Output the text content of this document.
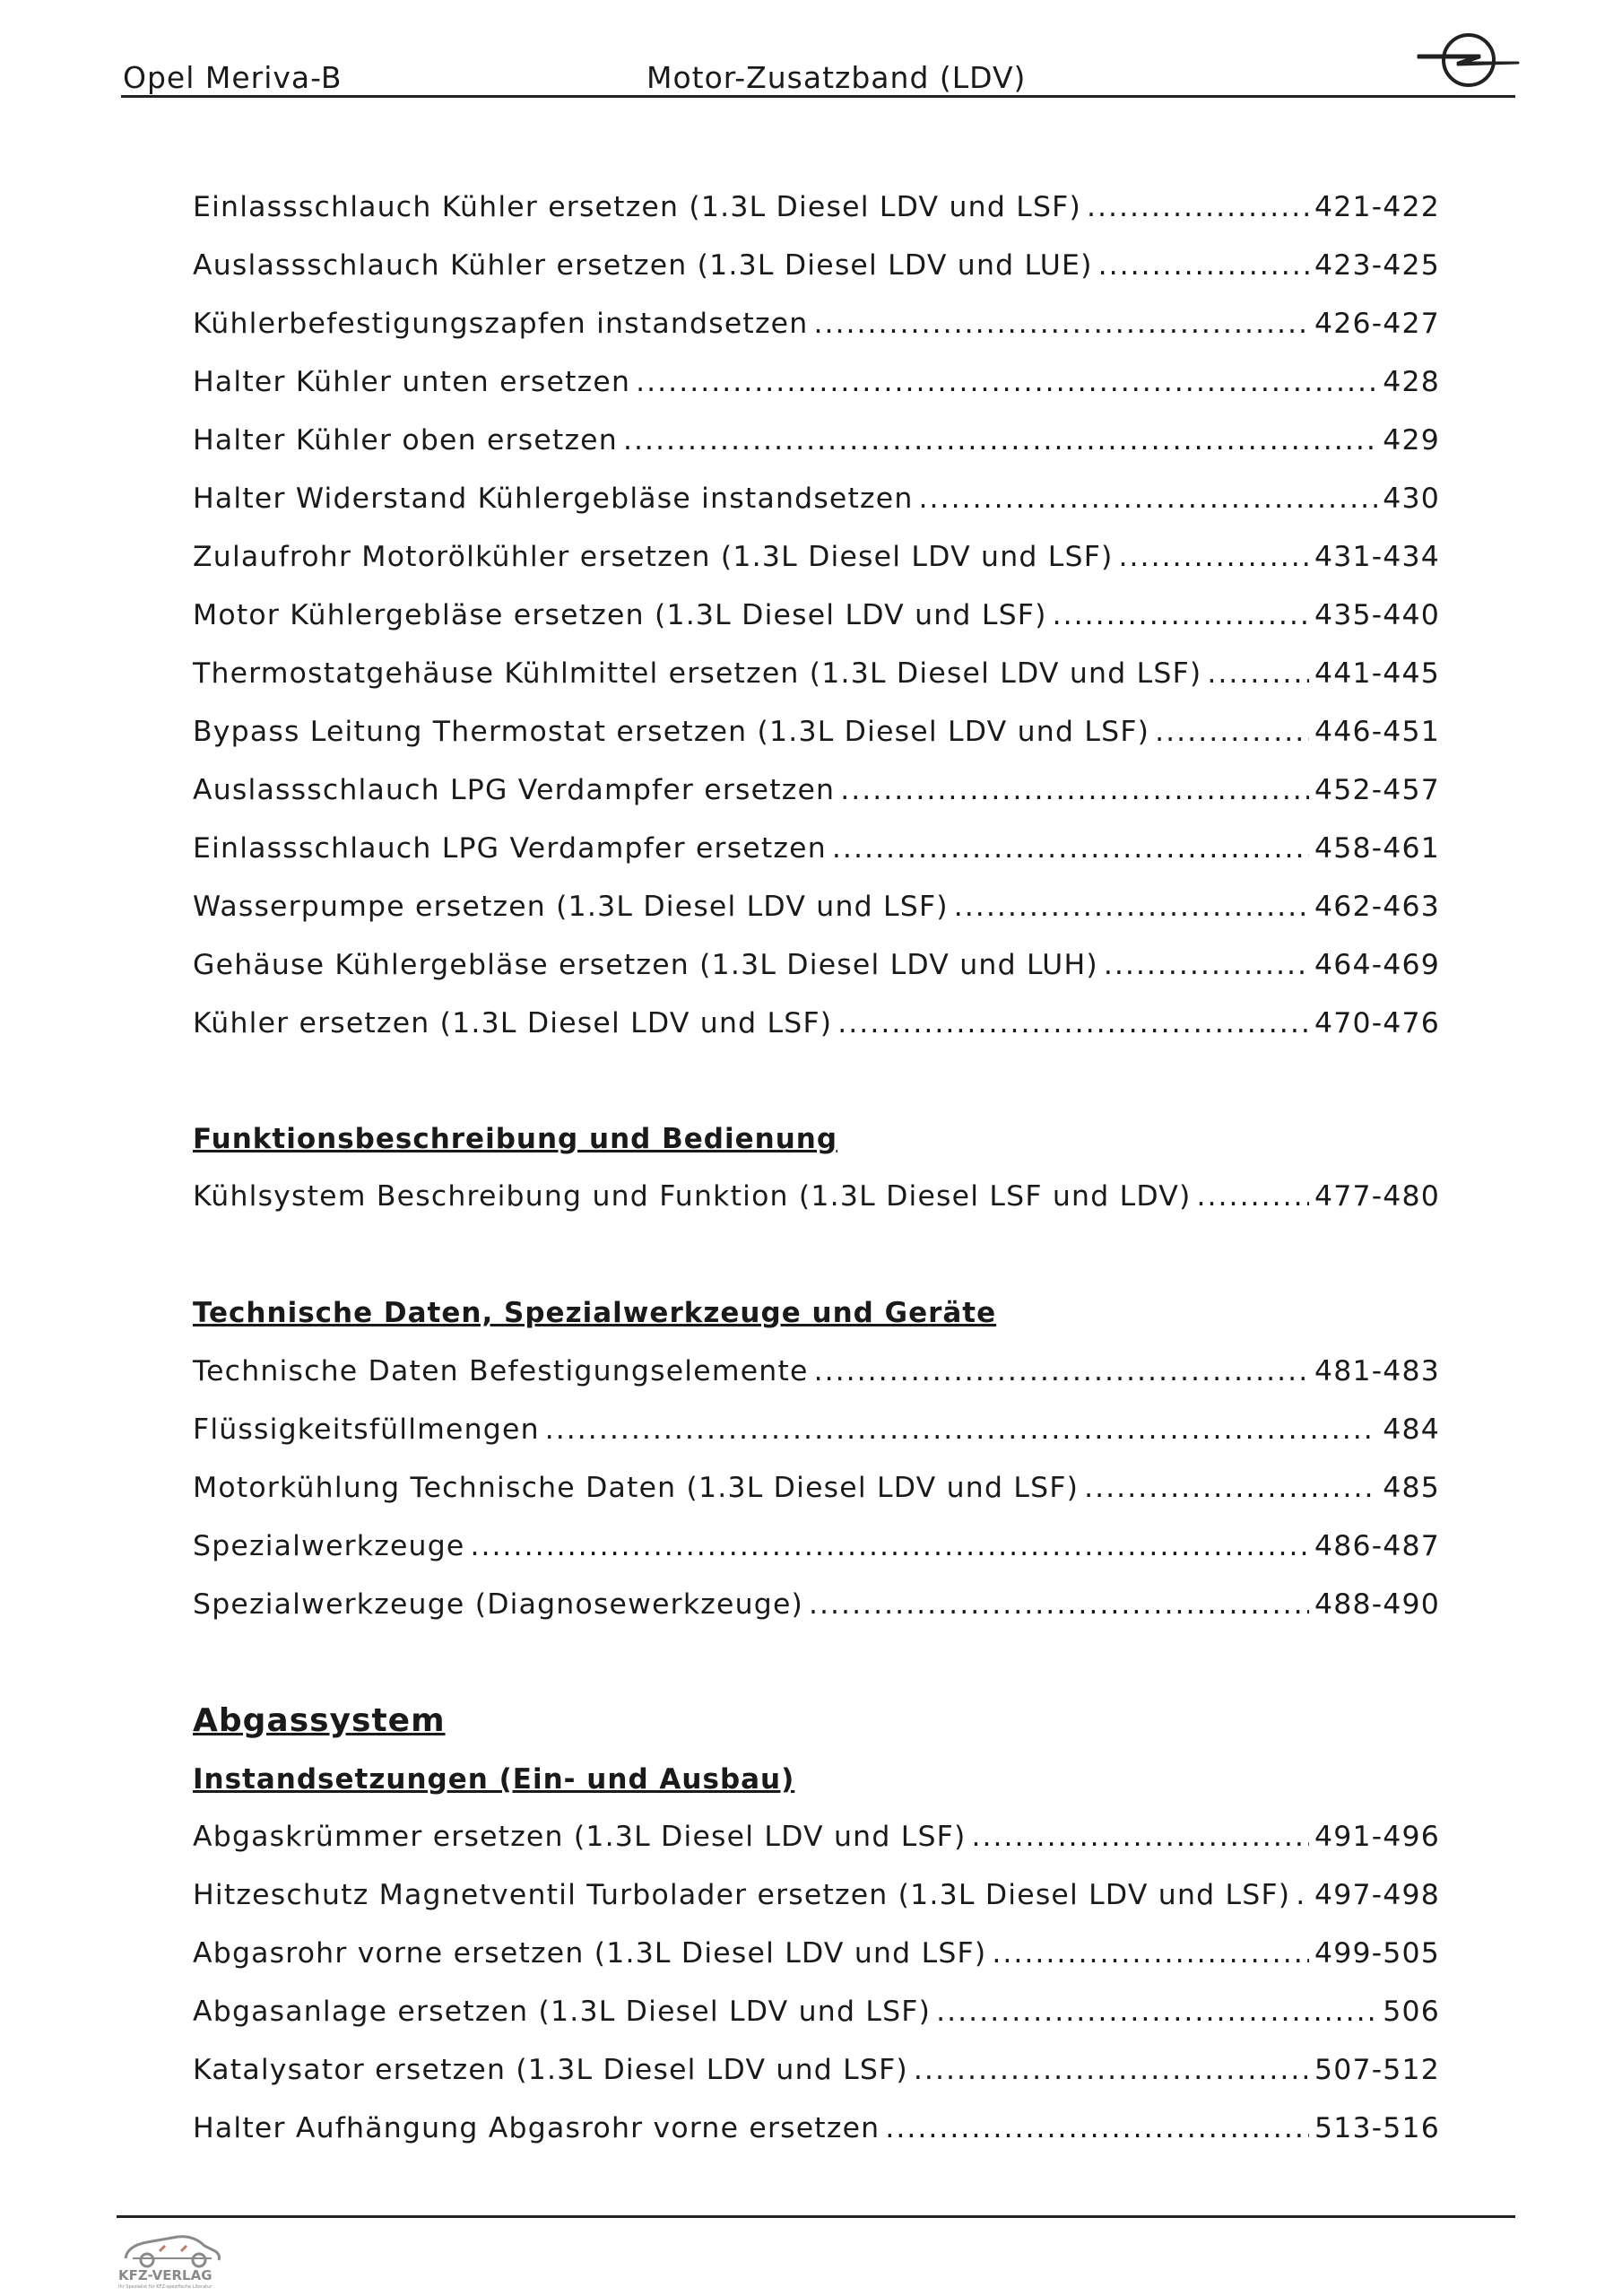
Opel Meriva-B	Motor-Zusatzband (LDV)
Einlassschlauch Kühler ersetzen (1.3L Diesel LDV und LSF) .....	421-422
Auslassschlauch Kühler ersetzen (1.3L Diesel LDV und LUE) .....	423-425
Kühlerbefestigungszapfen instandsetzen .....	426-427
Halter Kühler unten ersetzen .....	428
Halter Kühler oben ersetzen .....	429
Halter Widerstand Kühlergebläse instandsetzen .....	430
Zulaufrohr Motorölkühler ersetzen (1.3L Diesel LDV und LSF) .....	431-434
Motor Kühlergebläse ersetzen (1.3L Diesel LDV und LSF) .....	435-440
Thermostatgehäuse Kühlmittel ersetzen (1.3L Diesel LDV und LSF) .....	441-445
Bypass Leitung Thermostat ersetzen (1.3L Diesel LDV und LSF) .....	446-451
Auslassschlauch LPG Verdampfer ersetzen .....	452-457
Einlassschlauch LPG Verdampfer ersetzen .....	458-461
Wasserpumpe ersetzen (1.3L Diesel LDV und LSF) .....	462-463
Gehäuse Kühlergebläse ersetzen (1.3L Diesel LDV und LUH) .....	464-469
Kühler ersetzen (1.3L Diesel LDV und LSF) .....	470-476
Funktionsbeschreibung und Bedienung
Kühlsystem Beschreibung und Funktion (1.3L Diesel LSF und LDV) .....	477-480
Technische Daten, Spezialwerkzeuge und Geräte
Technische Daten Befestigungselemente .....	481-483
Flüssigkeitsfüllmengen .....	484
Motorkühlung Technische Daten (1.3L Diesel LDV und LSF) .....	485
Spezialwerkzeuge .....	486-487
Spezialwerkzeuge (Diagnosewerkzeuge) .....	488-490
Abgassystem
Instandsetzungen (Ein- und Ausbau)
Abgaskrümmer ersetzen (1.3L Diesel LDV und LSF) .....	491-496
Hitzeschutz Magnetventil Turbolader ersetzen (1.3L Diesel LDV und LSF) ..... 497-498
Abgasrohr vorne ersetzen (1.3L Diesel LDV und LSF) .....	499-505
Abgasanlage ersetzen (1.3L Diesel LDV und LSF) .....	506
Katalysator ersetzen (1.3L Diesel LDV und LSF) .....	507-512
Halter Aufhängung Abgasrohr vorne ersetzen .....	513-516
KFZ-VERLAG
Ihr Spezialist für KFZ-spezifische Literatur
